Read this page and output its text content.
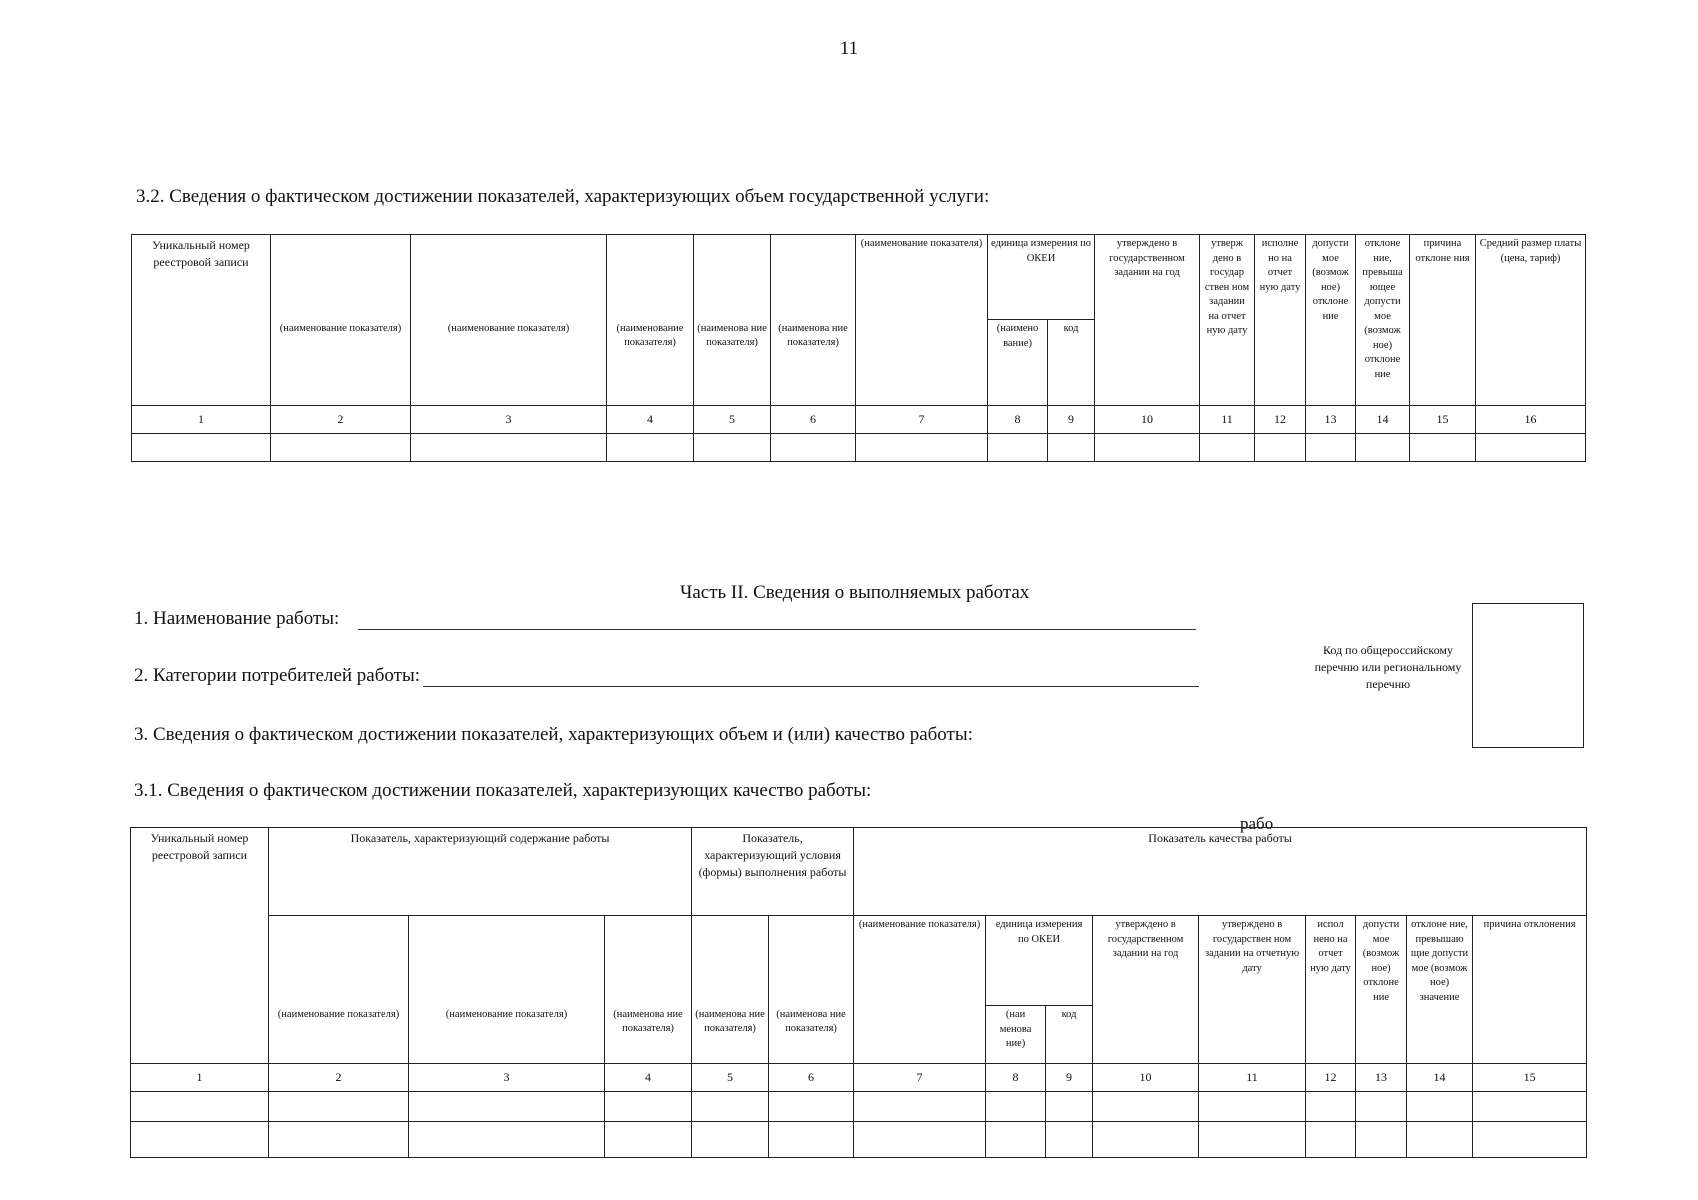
11
3.2. Сведения о фактическом достижении показателей, характеризующих объем государственной услуги:
Уникальный номер реестровой записи						(наименование показателя)	единица измерения по ОКЕИ		утверждено в государственном задании на год	утверж дено в государ ствен ном задании на отчет ную дату	исполне но на отчет ную дату	допусти мое (возмож ное) отклоне ние	отклоне ние, превыша ющее допусти мое (возмож ное) отклоне ние	причина отклоне ния	Средний размер платы (цена, тариф)
	(наименование показателя)	(наименование показателя)	(наименование показателя)	(наименова ние показателя)	(наименова ние показателя)		(наимено вание)	код							
1	2	3	4	5	6	7	8	9	10	11	12	13	14	15	16

Часть II. Сведения о выполняемых работах
1. Наименование работы:
2. Категории потребителей работы:
Код по общероссийскому перечню или региональному перечню
3. Сведения о фактическом достижении показателей, характеризующих объем и (или) качество работы:
3.1. Сведения о фактическом достижении показателей, характеризующих качество работы:
рабо
Уникальный номер реестровой записи	Показатель, характеризующий содержание работы			Показатель, характеризующий условия (формы) выполнения работы		Показатель качества работы								
						(наименование показателя)	единица измерения по ОКЕИ		утверждено в государственном задании на год	утверждено в государствен ном задании на отчетную дату	испол нено на отчет ную дату	допусти мое (возмож ное) отклоне ние	отклоне ние, превышаю щие допусти мое (возмож ное) значение	причина отклонения
	(наименование показателя)	(наименование показателя)	(наименова ние показателя)	(наименова ние показателя)	(наименова ние показателя)		(наи менова ние)	код						
1	2	3	4	5	6	7	8	9	10	11	12	13	14	15
